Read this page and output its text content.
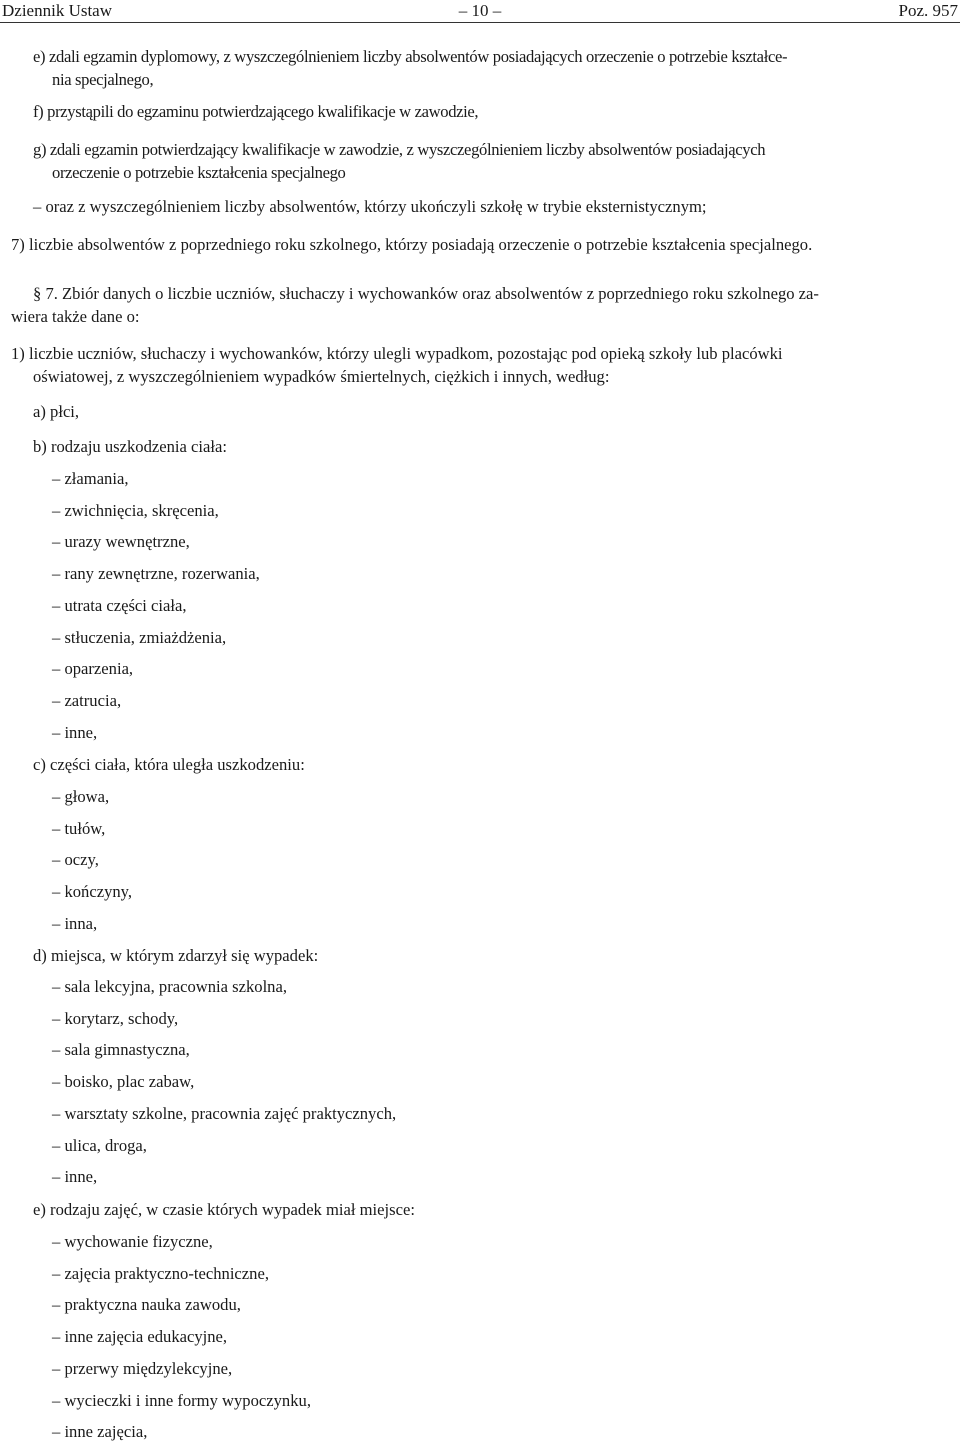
Dziennik Ustaw	– 10 –	Poz. 957
e) zdali egzamin dyplomowy, z wyszczególnieniem liczby absolwentów posiadających orzeczenie o potrzebie kształce-
nia specjalnego,
f) przystąpili do egzaminu potwierdzającego kwalifikacje w zawodzie,
g) zdali egzamin potwierdzający kwalifikacje w zawodzie, z wyszczególnieniem liczby absolwentów posiadających
orzeczenie o potrzebie kształcenia specjalnego
– oraz z wyszczególnieniem liczby absolwentów, którzy ukończyli szkołę w trybie eksternistycznym;
7) liczbie absolwentów z poprzedniego roku szkolnego, którzy posiadają orzeczenie o potrzebie kształcenia specjalnego.
§ 7. Zbiór danych o liczbie uczniów, słuchaczy i wychowanków oraz absolwentów z poprzedniego roku szkolnego za-
wiera także dane o:
1) liczbie uczniów, słuchaczy i wychowanków, którzy ulegli wypadkom, pozostając pod opieką szkoły lub placówki
oświatowej, z wyszczególnieniem wypadków śmiertelnych, ciężkich i innych, według:
a) płci,
b) rodzaju uszkodzenia ciała:
– złamania,
– zwichnięcia, skręcenia,
– urazy wewnętrzne,
– rany zewnętrzne, rozerwania,
– utrata części ciała,
– stłuczenia, zmiażdżenia,
– oparzenia,
– zatrucia,
– inne,
c) części ciała, która uległa uszkodzeniu:
– głowa,
– tułów,
– oczy,
– kończyny,
– inna,
d) miejsca, w którym zdarzył się wypadek:
– sala lekcyjna, pracownia szkolna,
– korytarz, schody,
– sala gimnastyczna,
– boisko, plac zabaw,
– warsztaty szkolne, pracownia zajęć praktycznych,
– ulica, droga,
– inne,
e) rodzaju zajęć, w czasie których wypadek miał miejsce:
– wychowanie fizyczne,
– zajęcia praktyczno-techniczne,
– praktyczna nauka zawodu,
– inne zajęcia edukacyjne,
– przerwy międzylekcyjne,
– wycieczki i inne formy wypoczynku,
– inne zajęcia,
